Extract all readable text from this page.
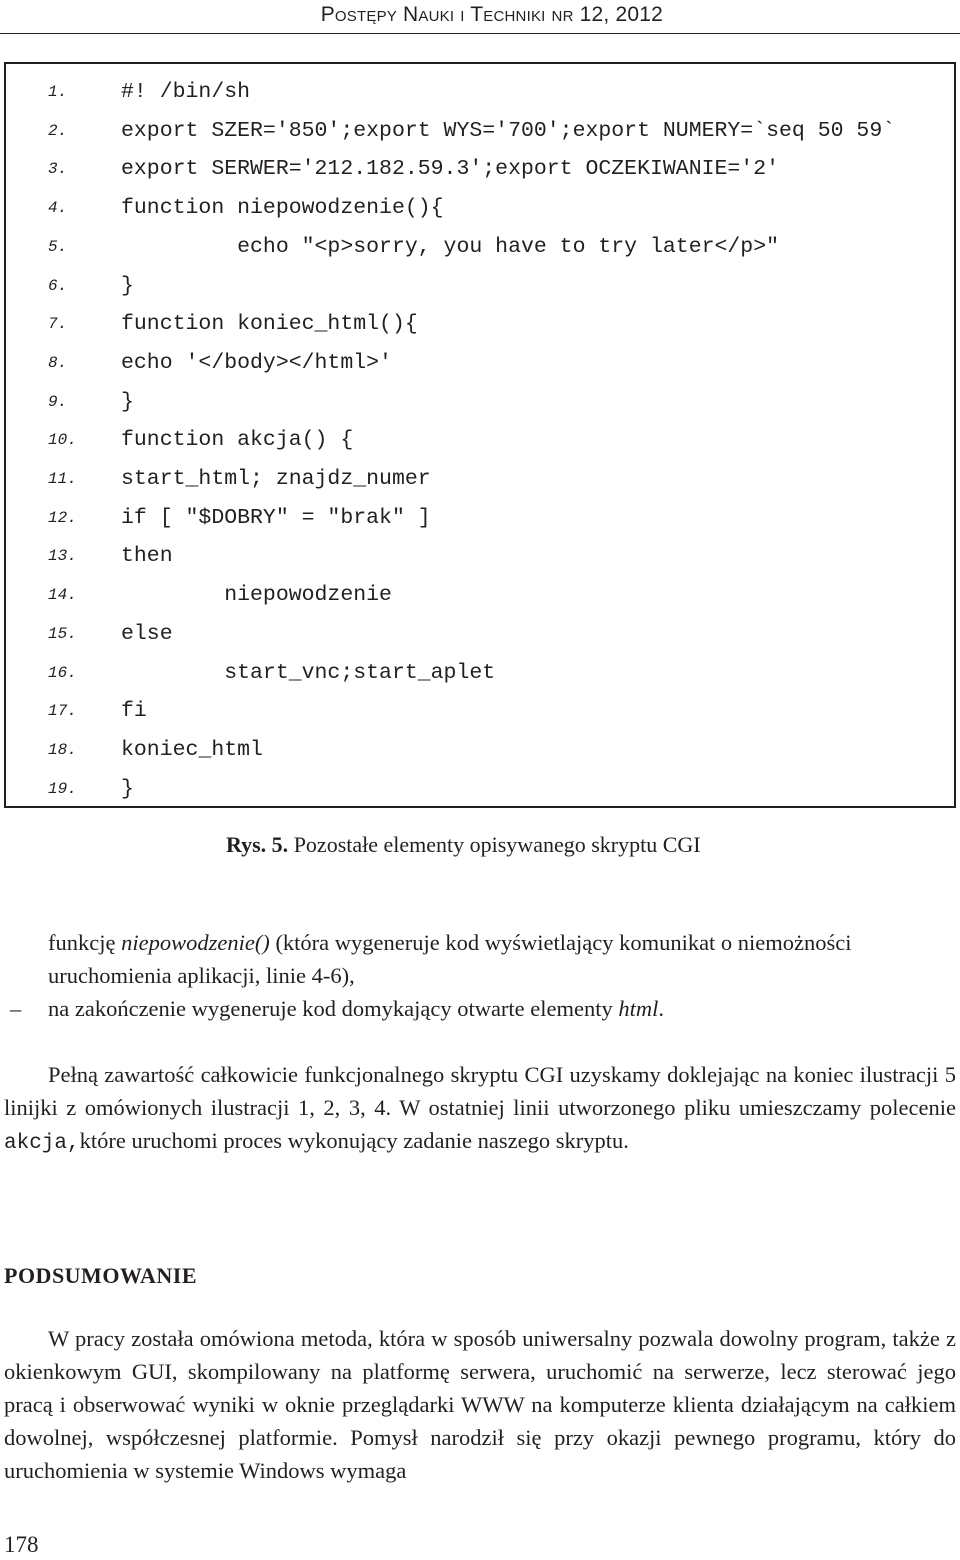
Postępy Nauki i Techniki nr 12, 2012
1.	#! /bin/sh
2.	export SZER='850';export WYS='700';export NUMERY=`seq 50 59`
3.	export SERWER='212.182.59.3';export OCZEKIWANIE='2'
4.	function niepowodzenie(){
5.	echo "<p>sorry, you have to try later</p>"
6.	}
7.	function koniec_html(){
8.	echo '</body></html>'
9.	}
10.	function akcja() {
11.	start_html; znajdz_numer
12.	if [ "$DOBRY" = "brak" ]
13.	then
14.	niepowodzenie
15.	else
16.	start_vnc;start_aplet
17.	fi
18.	koniec_html
19.	}
Rys. 5. Pozostałe elementy opisywanego skryptu CGI
funkcję niepowodzenie() (która wygeneruje kod wyświetlający komunikat o niemożności uruchomienia aplikacji, linie 4-6),
– na zakończenie wygeneruje kod domykający otwarte elementy html.
Pełną zawartość całkowicie funkcjonalnego skryptu CGI uzyskamy doklejając na koniec ilustracji 5 linijki z omówionych ilustracji 1, 2, 3, 4. W ostatniej linii utworzonego pliku umieszczamy polecenie akcja,które uruchomi proces wykonujący zadanie naszego skryptu.
PODSUMOWANIE
W pracy została omówiona metoda, która w sposób uniwersalny pozwala dowolny program, także z okienkowym GUI, skompilowany na platformę serwera, uruchomić na serwerze, lecz sterować jego pracą i obserwować wyniki w oknie przeglądarki WWW na komputerze klienta działającym na całkiem dowolnej, współczesnej platformie. Pomysł narodził się przy okazji pewnego programu, który do uruchomienia w systemie Windows wymaga
178
